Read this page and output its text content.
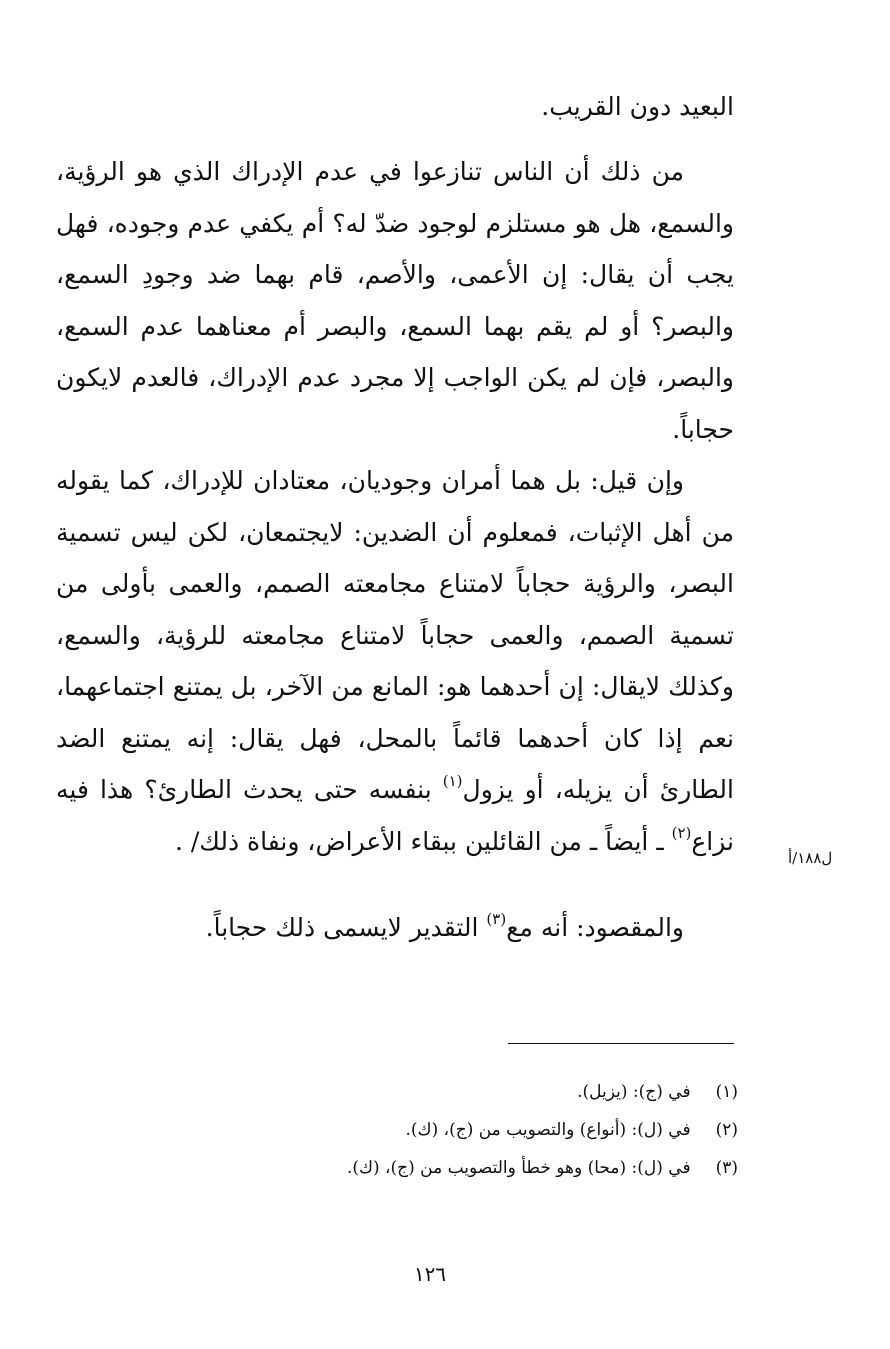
البعيد دون القريب.

من ذلك أن الناس تنازعوا في عدم الإدراك الذي هو الرؤية، والسمع، هل هو مستلزم لوجود ضدّ له؟ أم يكفي عدم وجوده، فهل يجب أن يقال: إن الأعمى، والأصم، قام بهما ضد وجودِ السمع، والبصر؟ أو لم يقم بهما السمع، والبصر أم معناهما عدم السمع، والبصر، فإن لم يكن الواجب إلا مجرد عدم الإدراك، فالعدم لايكون حجاباً.

وإن قيل: بل هما أمران وجوديان، معتادان للإدراك، كما يقوله من أهل الإثبات، فمعلوم أن الضدين: لايجتمعان، لكن ليس تسمية البصر، والرؤية حجاباً لامتناع مجامعته الصمم، والعمى بأولى من تسمية الصمم، والعمى حجاباً لامتناع مجامعته للرؤية، والسمع، وكذلك لايقال: إن أحدهما هو: المانع من الآخر، بل يمتنع اجتماعهما، نعم إذا كان أحدهما قائماً بالمحل، فهل يقال: إنه يمتنع الضد الطارئ أن يزيله، أو يزول$^{(١)}$ بنفسه حتى يحدث الطارئ؟ هذا فيه نزاع$^{(٢)}$ ـ أيضاً ـ من القائلين ببقاء الأعراض، ونفاة ذلك/ .

ل١٨٨/أ

والمقصود: أنه مع$^{(٣)}$ التقدير لايسمى ذلك حجاباً.

(١) في (ج): (يزيل).
(٢) في (ل): (أنواع) والتصويب من (ج)، (ك).
(٣) في (ل): (محا) وهو خطأ والتصويب من (ج)، (ك).
١٢٦
